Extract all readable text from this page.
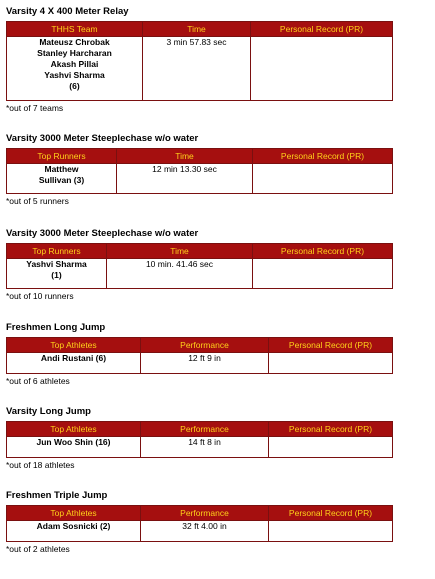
Varsity 4 X 400 Meter Relay
THHS Team	Time	Personal Record (PR)

Mateusz Chrobak
Stanley Harcharan
Akash Pillai
Yashvi Sharma
(6)	3 min 57.83 sec	
*out of 7 teams
Varsity 3000 Meter Steeplechase w/o water
Top Runners	Time	Personal Record (PR)

Matthew
Sullivan (3)	12 min 13.30 sec	
*out of 5 runners
Varsity 3000 Meter Steeplechase w/o water
Top Runners	Time	Personal Record (PR)

Yashvi Sharma
(1)	10 min. 41.46 sec	
*out of 10 runners
Freshmen Long Jump
Top Athletes	Performance	Personal Record (PR)
Andi Rustani (6)	12 ft 9 in	
*out of 6 athletes
Varsity Long Jump
Top Athletes	Performance	Personal Record (PR)
Jun Woo Shin (16)	14 ft 8 in	
*out of 18 athletes
Freshmen Triple Jump
Top Athletes	Performance	Personal Record (PR)
Adam Sosnicki (2)	32 ft 4.00 in	
*out of 2 athletes
